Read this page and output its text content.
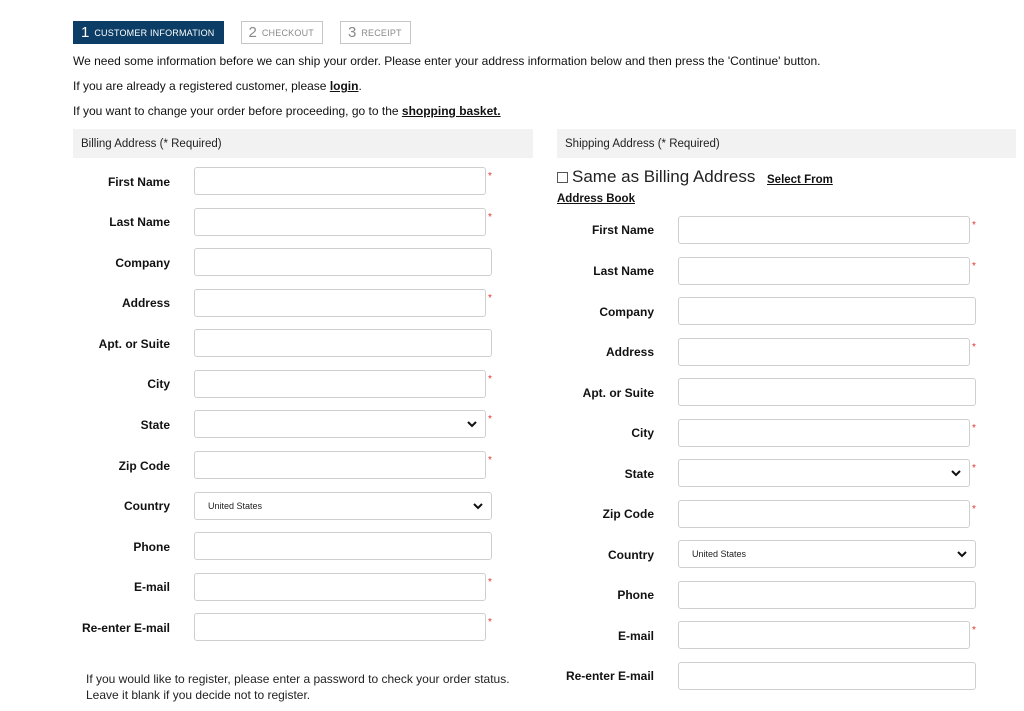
1 CUSTOMER INFORMATION 2 CHECKOUT 3 RECEIPT
We need some information before we can ship your order. Please enter your address information below and then press the 'Continue' button.
If you are already a registered customer, please login.
If you want to change your order before proceeding, go to the shopping basket.
Billing Address (* Required)	Shipping Address (* Required)
First Name	*
Last Name	*
Company
Address	*
Apt. or Suite
City	*
State	*
Zip Code	*
Country	United States
Phone
E-mail	*
Re-enter E-mail	*
If you would like to register, please enter a password to check your order status.
Leave it blank if you decide not to register.
Same as Billing Address Select From
Address Book
First Name	*
Last Name	*
Company
Address	*
Apt. or Suite
City	*
State	*
Zip Code	*
Country	United States
Phone
E-mail	*
Re-enter E-mail
